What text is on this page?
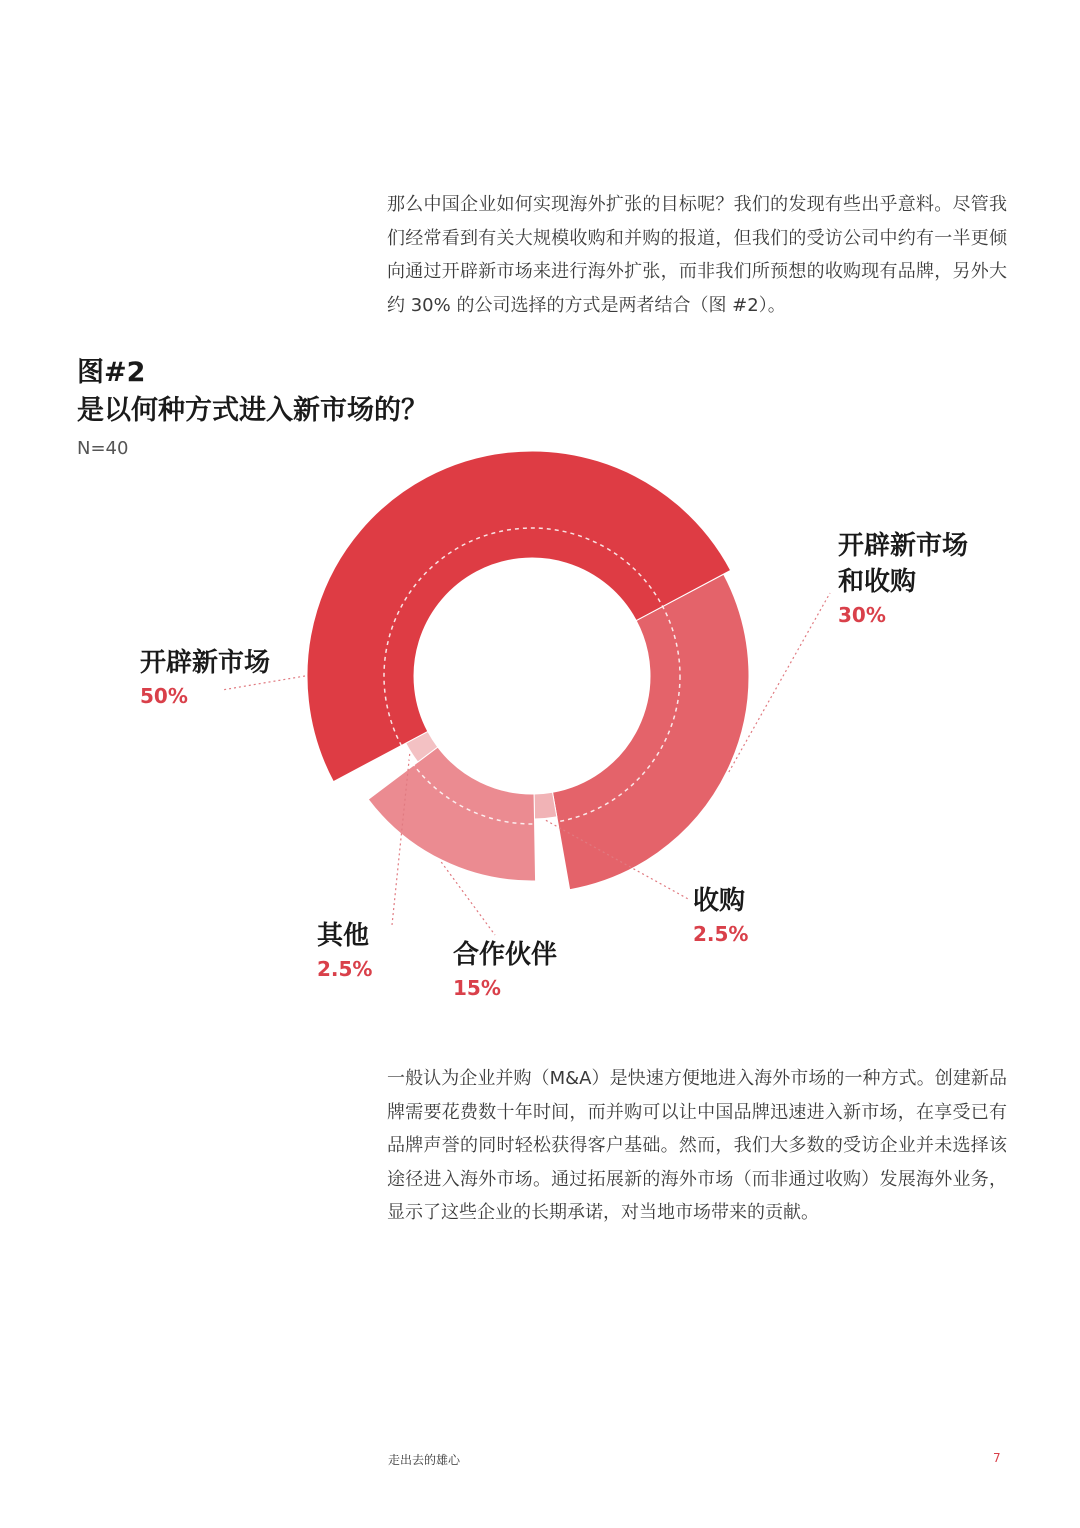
那么中国企业如何实现海外扩张的目标呢？我们的发现有些出乎意料。尽管我们经常看到有关大规模收购和并购的报道，但我们的受访公司中约有一半更倾向通过开辟新市场来进行海外扩张，而非我们所预想的收购现有品牌，另外大约 30% 的公司选择的方式是两者结合（图 #2）。

图#2
是以何种方式进入新市场的？
N=40
开辟新市场
50%
开辟新市场
和收购
30%
收购
2.5%
合作伙伴
15%
其他
2.5%

一般认为企业并购（M&A）是快速方便地进入海外市场的一种方式。创建新品牌需要花费数十年时间，而并购可以让中国品牌迅速进入新市场，在享受已有品牌声誉的同时轻松获得客户基础。然而，我们大多数的受访企业并未选择该途径进入海外市场。通过拓展新的海外市场（而非通过收购）发展海外业务，显示了这些企业的长期承诺，对当地市场带来的贡献。

走出去的雄心	7
